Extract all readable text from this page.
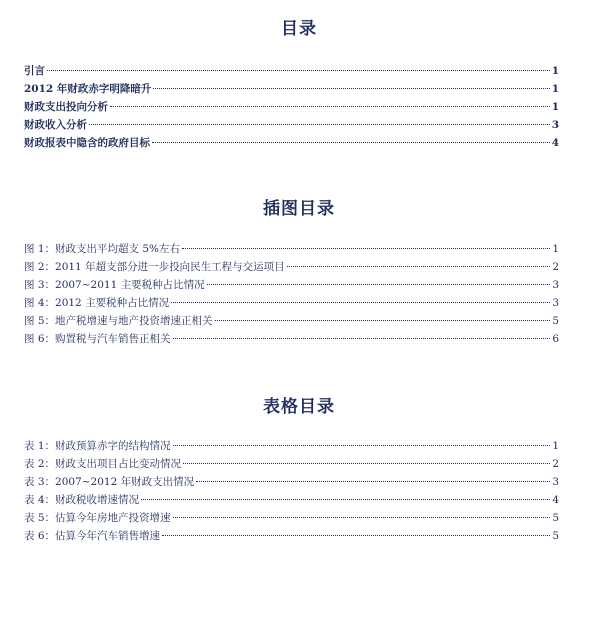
目录
引言	1
2012 年财政赤字明降暗升	1
财政支出投向分析	1
财政收入分析	3
财政报表中隐含的政府目标	4
插图目录
图 1：财政支出平均超支 5%左右	1
图 2：2011 年超支部分进一步投向民生工程与交运项目	2
图 3：2007~2011 主要税种占比情况	3
图 4：2012 主要税种占比情况	3
图 5：地产税增速与地产投资增速正相关	5
图 6：购置税与汽车销售正相关	6
表格目录
表 1：财政预算赤字的结构情况	1
表 2：财政支出项目占比变动情况	2
表 3：2007~2012 年财政支出情况	3
表 4：财政税收增速情况	4
表 5：估算今年房地产投资增速	5
表 6：估算今年汽车销售增速	5
